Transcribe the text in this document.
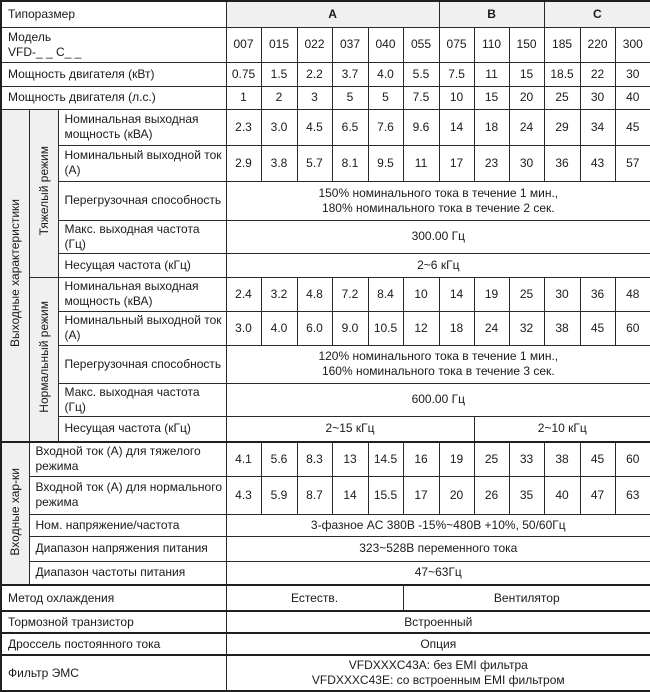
Типоразмер			A						B			C		

Модель
VFD-_ _ C_ _			007	015	022	037	040	055	075	110	150	185	220	300
Мощность двигателя (кВт)			0.75	1.5	2.2	3.7	4.0	5.5	7.5	11	15	18.5	22	30
Мощность двигателя (л.с.)			1	2	3	5	5	7.5	10	15	20	25	30	40
Выходные характеристики	Тяжелый режим	Номинальная выходная мощность (кВА)	2.3	3.0	4.5	6.5	7.6	9.6	14	18	24	29	34	45
		Номинальный выходной ток (А)	2.9	3.8	5.7	8.1	9.5	11	17	23	30	36	43	57
		Перегрузочная способность	150% номинального тока в течение 1 мин.,
180% номинального тока в течение 2 сек.											

		Макс. выходная частота (Гц)	300.00 Гц											
		Несущая частота (кГц)	2~6 кГц											
	Нормальный режим	Номинальная выходная мощность (кВА)	2.4	3.2	4.8	7.2	8.4	10	14	19	25	30	36	48
		Номинальный выходной ток (А)	3.0	4.0	6.0	9.0	10.5	12	18	24	32	38	45	60
		Перегрузочная способность	120% номинального тока в течение 1 мин.,
160% номинального тока в течение 3 сек.											

		Макс. выходная частота (Гц)	600.00 Гц											
		Несущая частота (кГц)	2~15 кГц							2~10 кГц				
Входные хар-ки	Входной ток (А) для тяжелого режима		4.1	5.6	8.3	13	14.5	16	19	25	33	38	45	60
	Входной ток (А) для нормального режима		4.3	5.9	8.7	14	15.5	17	20	26	35	40	47	63
	Ном. напряжение/частота		3-фазное AC 380В -15%~480В +10%, 50/60Гц											
	Диапазон напряжения питания		323~528В переменного тока											
	Диапазон частоты питания		47~63Гц											
Метод охлаждения			Естеств.					Вентилятор						
Тормозной транзистор			Встроенный											
Дроссель постоянного тока			Опция											
Фильтр ЭМС			VFDXXXC43A: без EMI фильтра
VFDXXXC43E: со встроенным EMI фильтром											
